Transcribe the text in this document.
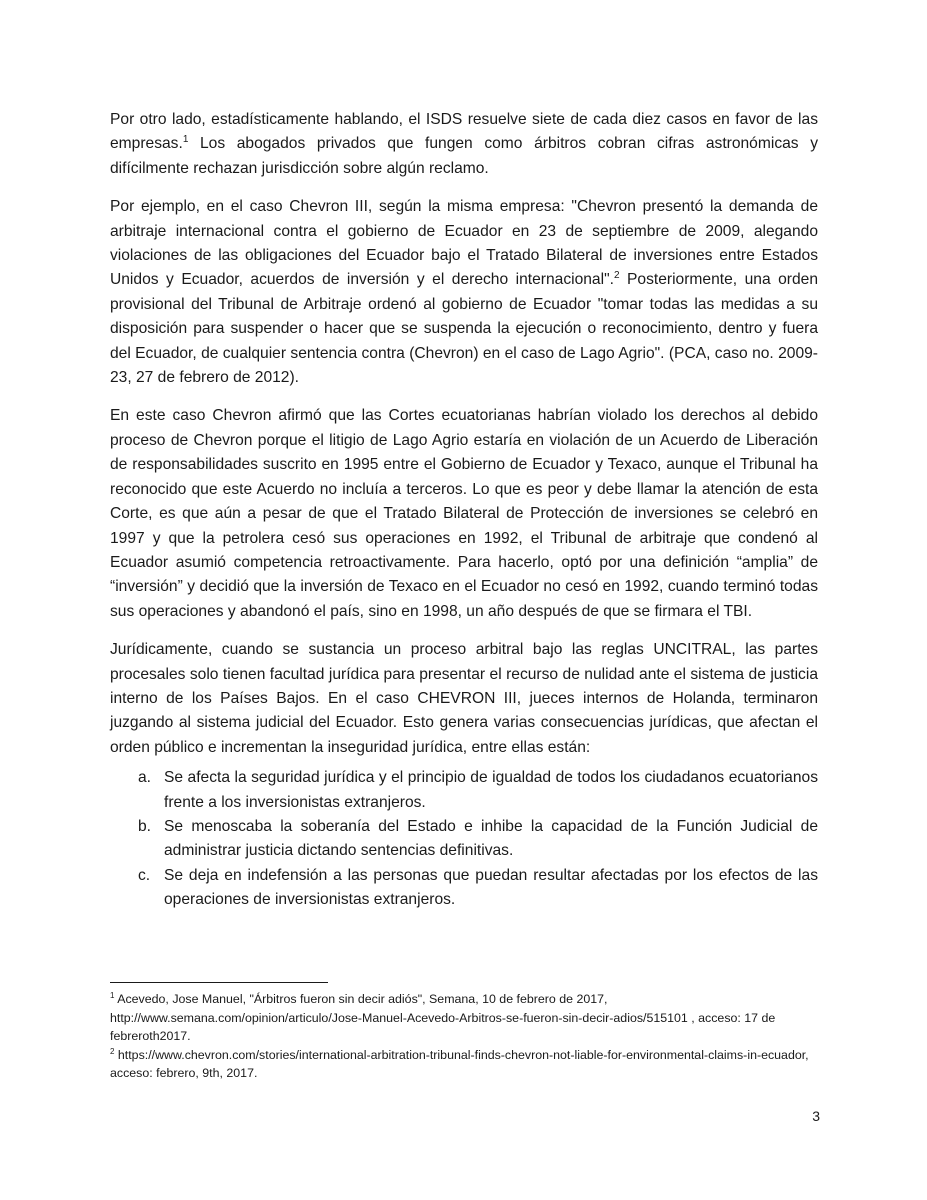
Por otro lado, estadísticamente hablando, el ISDS resuelve siete de cada diez casos en favor de las empresas.$^1$ Los abogados privados que fungen como árbitros cobran cifras astronómicas y difícilmente rechazan jurisdicción sobre algún reclamo.

Por ejemplo, en el caso Chevron III, según la misma empresa: "Chevron presentó la demanda de arbitraje internacional contra el gobierno de Ecuador en 23 de septiembre de 2009, alegando violaciones de las obligaciones del Ecuador bajo el Tratado Bilateral de inversiones entre Estados Unidos y Ecuador, acuerdos de inversión y el derecho internacional".$^2$ Posteriormente, una orden provisional del Tribunal de Arbitraje ordenó al gobierno de Ecuador "tomar todas las medidas a su disposición para suspender o hacer que se suspenda la ejecución o reconocimiento, dentro y fuera del Ecuador, de cualquier sentencia contra (Chevron) en el caso de Lago Agrio". (PCA, caso no. 2009-23, 27 de febrero de 2012).

En este caso Chevron afirmó que las Cortes ecuatorianas habrían violado los derechos al debido proceso de Chevron porque el litigio de Lago Agrio estaría en violación de un Acuerdo de Liberación de responsabilidades suscrito en 1995 entre el Gobierno de Ecuador y Texaco, aunque el Tribunal ha reconocido que este Acuerdo no incluía a terceros. Lo que es peor y debe llamar la atención de esta Corte, es que aún a pesar de que el Tratado Bilateral de Protección de inversiones se celebró en 1997 y que la petrolera cesó sus operaciones en 1992, el Tribunal de arbitraje que condenó al Ecuador asumió competencia retroactivamente. Para hacerlo, optó por una definición “amplia” de “inversión” y decidió que la inversión de Texaco en el Ecuador no cesó en 1992, cuando terminó todas sus operaciones y abandonó el país, sino en 1998, un año después de que se firmara el TBI.

Jurídicamente, cuando se sustancia un proceso arbitral bajo las reglas UNCITRAL, las partes procesales solo tienen facultad jurídica para presentar el recurso de nulidad ante el sistema de justicia interno de los Países Bajos. En el caso CHEVRON III, jueces internos de Holanda, terminaron juzgando al sistema judicial del Ecuador. Esto genera varias consecuencias jurídicas, que afectan el orden público e incrementan la inseguridad jurídica, entre ellas están:

a. Se afecta la seguridad jurídica y el principio de igualdad de todos los ciudadanos ecuatorianos frente a los inversionistas extranjeros.
b. Se menoscaba la soberanía del Estado e inhibe la capacidad de la Función Judicial de administrar justicia dictando sentencias definitivas.
c. Se deja en indefensión a las personas que puedan resultar afectadas por los efectos de las operaciones de inversionistas extranjeros.

$^1$ Acevedo, Jose Manuel, "Árbitros fueron sin decir adiós", Semana, 10 de febrero de 2017, http://www.semana.com/opinion/articulo/Jose-Manuel-Acevedo-Arbitros-se-fueron-sin-decir-adios/515101 , acceso: 17 de febreroth2017.

$^2$ https://www.chevron.com/stories/international-arbitration-tribunal-finds-chevron-not-liable-for-environmental-claims-in-ecuador, acceso: febrero, 9th, 2017.

3
